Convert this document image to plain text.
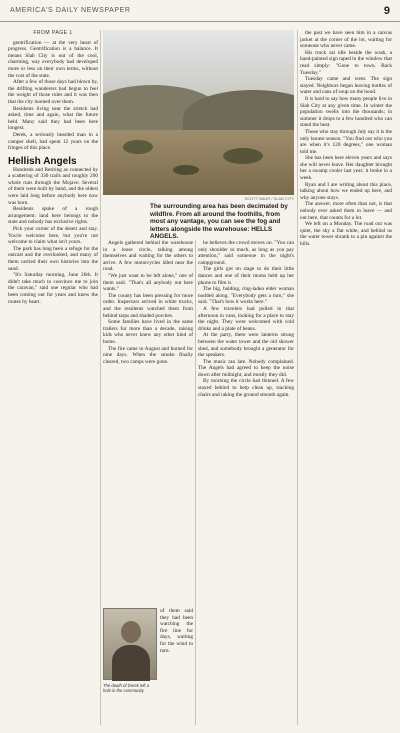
AMERICA'S DAILY NEWSPAPER	9
FROM PAGE 1

gentrification — at the very heart of progress. Gentrification is a balance. It means Slab City is out of the cool, charming, way everybody had developed more or less on their own terms, without the cost of the state.

After a few of those days had blown by, the drifting wanderers had begun to feel the weight of those rules and it was then that the city loomed over them.

Residents living near the stretch had asked, time and again, what the future held. Many said they had been here longest.

Derek, a seriously bearded man in a camper shell, had spent 12 years on the fringes of this place.

Hellish Angels

Hundreds and Retiring as connected by a scattering of 330 trails and roughly 200 whole runs through the Mojave. Several of them were built by hand, and the oldest were laid long before anybody here now was born.

Residents spoke of a rough arrangement: land here belongs to the state and nobody has exclusive rights.

Pick your corner of the desert and stay. You're welcome here, but you're not welcome to claim what isn't yours.

The park has long been a refuge for the outcast and the overlooked, and many of them carried their own histories into the sand.

"It's Saturday morning, June 26th. It didn't take much to convince me to join the caravan," said one regular who had been coming out for years and knew the routes by heart.

SCOTT BAUR / SLAB CITY
The surrounding area has been decimated by wildfire. From all around the foothills, from most any vantage, you can see the fog and letters alongside the warehouse: HELLS ANGELS.

Angels gathered behind the warehouse in a loose circle, talking among themselves and waiting for the others to arrive. A few motorcycles idled near the road.

"We just want to be left alone," one of them said. "That's all anybody out here wants."

The county has been pressing for more order. Inspectors arrived in white trucks, and the residents watched them from behind tarps and shaded porches.

Some families have lived in the same trailers for more than a decade, raising kids who never knew any other kind of home.

The fire came in August and burned for nine days. When the smoke finally cleared, two camps were gone.

The death of Derek left a hole in the community.
of them said they had been watching the fire line for days, waiting for the wind to turn.

he believes the crowd moves on. "You can only shoulder so much, as long as you pay attention," said someone in the night's campground.

The girls got on stage to do their little dances and one of their moms held up her phone to film it.

The big, balding, ring-laden elder woman nodded along. "Everybody gets a turn," she said. "That's how it works here."

A few travelers had pulled in that afternoon in vans, looking for a place to stay the night. They were welcomed with cold drinks and a plate of beans.

At the party, there were lanterns strung between the water tower and the old shower shed, and somebody brought a generator for the speakers.

The music ran late. Nobody complained. The Angels had agreed to keep the noise down after midnight, and mostly they did.

By morning the circle had thinned. A few stayed behind to help clean up, stacking chairs and raking the ground smooth again.

the past we have seen him in a canvas jacket at the corner of the lot, waiting for someone who never came.

His truck sat idle beside the wash, a hand-painted sign taped in the window that read simply: "Gone to town. Back Tuesday."

Tuesday came and went. The sign stayed. Neighbors began leaving bottles of water and cans of soup on the hood.

It is hard to say how many people live in Slab City at any given time. In winter the population swells into the thousands; in summer it drops to a few hundred who can stand the heat.

Those who stay through July say it is the only honest season. "You find out who you are when it's 120 degrees," one woman told me.

She has been here eleven years and says she will never leave. Her daughter brought her a swamp cooler last year; it broke in a week.

Ryan and I are writing about this place, talking about how we ended up here, and why anyone stays.

The answer, more often than not, is that nobody ever asked them to leave — and out here, that counts for a lot.

We left on a Monday. The road out was quiet, the sky a flat white, and behind us the water tower shrank to a pin against the hills.
